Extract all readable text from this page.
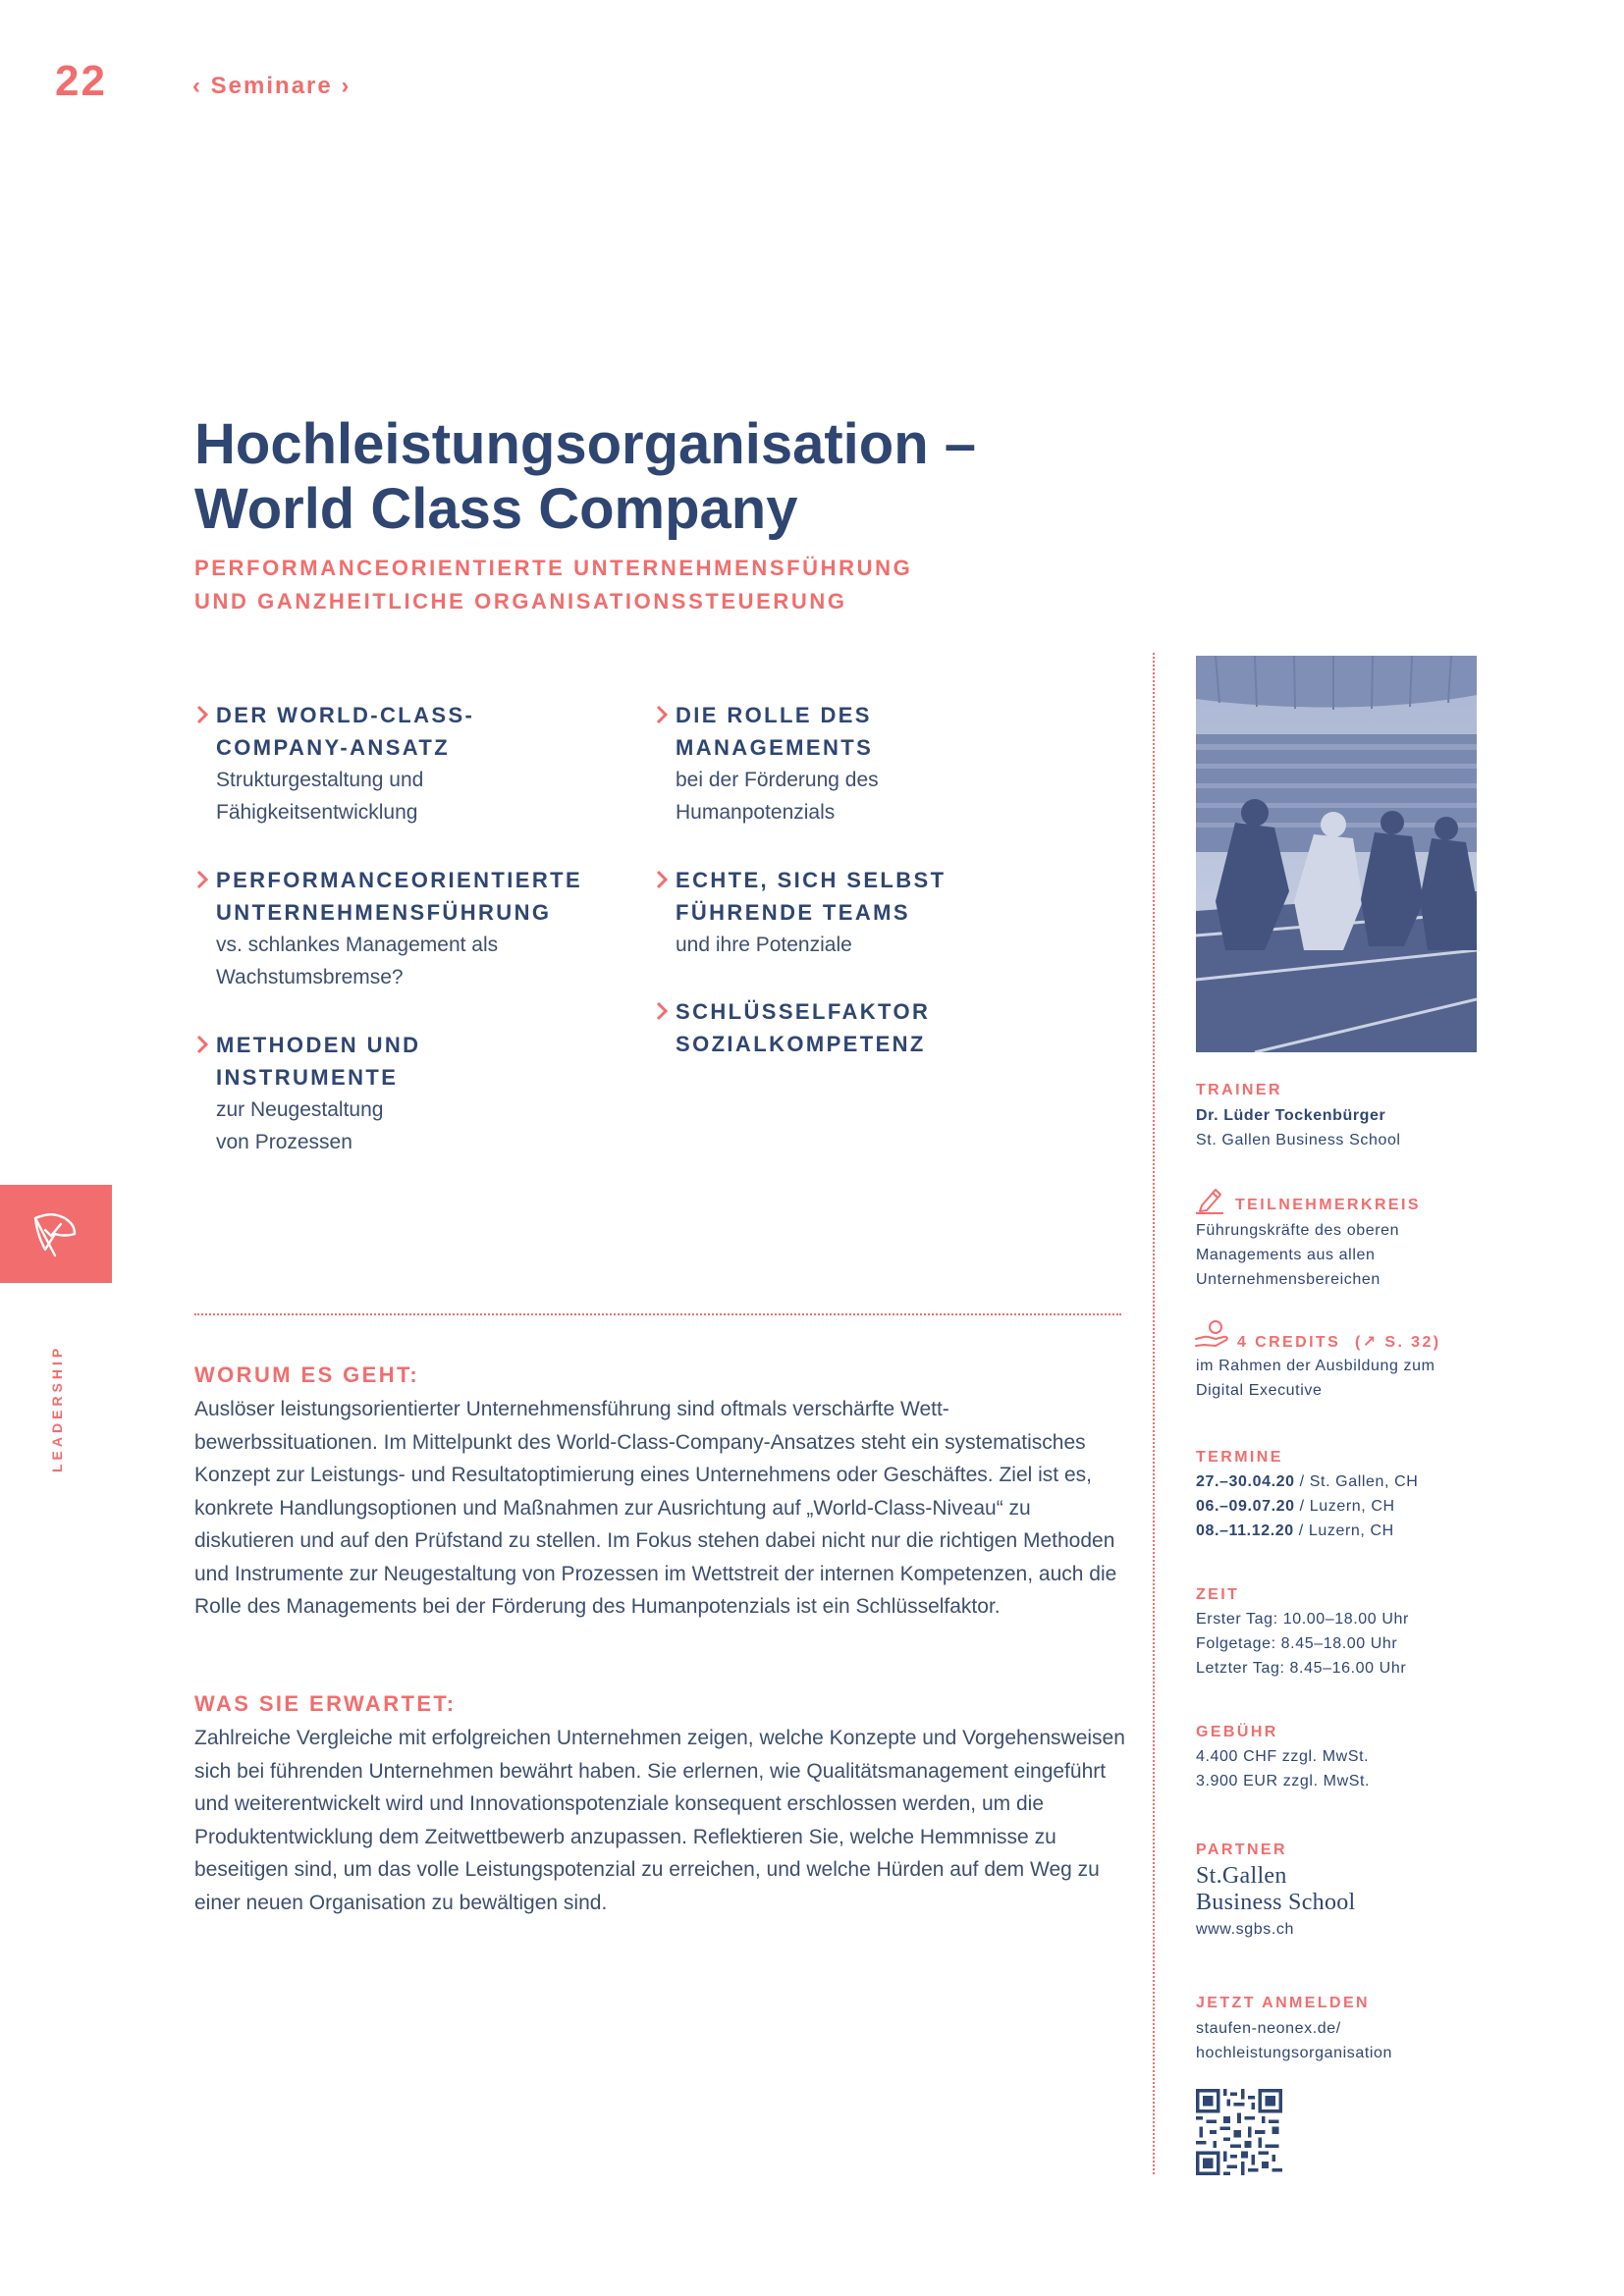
22	‹ Seminare ›
Hochleistungsorganisation –
World Class Company
PERFORMANCEORIENTIERTE UNTERNEHMENSFÜHRUNG
UND GANZHEITLICHE ORGANISATIONSSTEUERUNG
DER WORLD-CLASS-
COMPANY-ANSATZ
Strukturgestaltung und
Fähigkeitsentwicklung
PERFORMANCEORIENTIERTE
UNTERNEHMENSFÜHRUNG
vs. schlankes Management als
Wachstumsbremse?
METHODEN UND
INSTRUMENTE
zur Neugestaltung
von Prozessen
DIE ROLLE DES
MANAGEMENTS
bei der Förderung des
Humanpotenzials
ECHTE, SICH SELBST
FÜHRENDE TEAMS
und ihre Potenziale
SCHLÜSSELFAKTOR
SOZIALKOMPETENZ
LEADERSHIP	WORUM ES GEHT:
Auslöser leistungsorientierter Unternehmensführung sind oftmals verschärfte Wett-bewerbssituationen. Im Mittelpunkt des World-Class-Company-Ansatzes steht ein systematisches Konzept zur Leistungs- und Resultatoptimierung eines Unternehmens oder Geschäftes. Ziel ist es, konkrete Handlungsoptionen und Maßnahmen zur Ausrichtung auf „World-Class-Niveau“ zu diskutieren und auf den Prüfstand zu stellen. Im Fokus stehen dabei nicht nur die richtigen Methoden und Instrumente zur Neugestaltung von Prozessen im Wettstreit der internen Kompetenzen, auch die Rolle des Managements bei der Förderung des Humanpotenzials ist ein Schlüsselfaktor.
WAS SIE ERWARTET:
Zahlreiche Vergleiche mit erfolgreichen Unternehmen zeigen, welche Konzepte und Vorgehensweisen sich bei führenden Unternehmen bewährt haben. Sie erlernen, wie Qualitätsmanagement eingeführt und weiterentwickelt wird und Innovationspotenziale konsequent erschlossen werden, um die Produktentwicklung dem Zeitwettbewerb anzupassen. Reflektieren Sie, welche Hemmnisse zu beseitigen sind, um das volle Leistungspotenzial zu erreichen, und welche Hürden auf dem Weg zu einer neuen Organisation zu bewältigen sind.
TRAINER
Dr. Lüder Tockenbürger
St. Gallen Business School
TEILNEHMERKREIS
Führungskräfte des oberen Managements aus allen Unternehmensbereichen
4 CREDITS (↗ S. 32)
im Rahmen der Ausbildung zum Digital Executive
TERMINE
27.–30.04.20 / St. Gallen, CH
06.–09.07.20 / Luzern, CH
08.–11.12.20 / Luzern, CH
ZEIT
Erster Tag: 10.00–18.00 Uhr
Folgetage: 8.45–18.00 Uhr
Letzter Tag: 8.45–16.00 Uhr
GEBÜHR
4.400 CHF zzgl. MwSt.
3.900 EUR zzgl. MwSt.
PARTNER
St.Gallen
Business School
www.sgbs.ch
JETZT ANMELDEN
staufen-neonex.de/
hochleistungsorganisation
